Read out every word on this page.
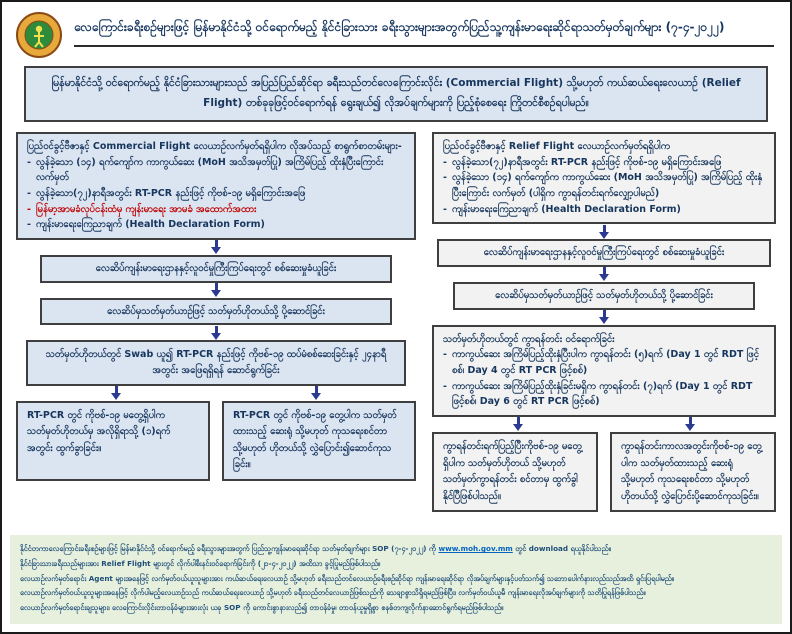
လေကြောင်းခရီးစဉ်များဖြင့် မြန်မာနိုင်ငံသို့ ဝင်ရောက်မည့် နိုင်ငံခြားသား ခရီးသွားများအတွက်ပြည်သူ့ကျန်းမာရေးဆိုင်ရာသတ်မှတ်ချက်များ (၇-၄-၂၀၂၂)
မြန်မာနိုင်ငံသို့ ဝင်ရောက်မည့် နိုင်ငံခြားသားများသည် အပြည်ပြည်ဆိုင်ရာ ခရီးသည်တင်လေကြောင်းလိုင်း (Commercial Flight) သို့မဟုတ် ကယ်ဆယ်ရေးလေယာဉ် (Relief Flight) တစ်ခုခုဖြင့်ဝင်ရောက်ရန် ရွေးချယ်၍ လိုအပ်ချက်များကို ပြည့်စုံစေရေး ကြိုတင်စီစဉ်ရပါမည်။
ပြည်ဝင်ခွင့်ဗီဇာနှင့် Commercial Flight လေယာဉ်လက်မှတ်ရရှိပါက လိုအပ်သည့် စာရွက်စာတမ်းများ-
- လွန်ခဲ့သော (၁၄) ရက်ကျော်က ကာကွယ်ဆေး (MoH အသိအမှတ်ပြု) အကြိမ်ပြည့် ထိုးနှံပြီးကြောင်းလက်မှတ်
- လွန်ခဲ့သော(၇၂)နာရီအတွင်း RT-PCR နည်းဖြင့် ကိုဗစ်-၁၉ မရှိကြောင်းအဖြေ
- မြန်မာ့အာမခံလုပ်ငန်းထံမှ ကျန်းမာရေး အာမခံ အထောက်အထား
- ကျန်းမာရေးကြေညာချက် (Health Declaration Form)
လေဆိပ်ကျန်းမာရေးဌာနနှင့်လူဝင်မှုကြီးကြပ်ရေးတွင် စစ်ဆေးမှုခံယူခြင်း
လေဆိပ်မှသတ်မှတ်ယာဉ်ဖြင့် သတ်မှတ်ဟိုတယ်သို့ ပို့ဆောင်ခြင်း
သတ်မှတ်ဟိုတယ်တွင် Swab ယူ၍ RT-PCR နည်းဖြင့် ကိုဗစ်-၁၉ ထပ်မံစစ်ဆေးခြင်းနှင့် ၂၄နာရီအတွင်း အဖြေရရှိရန် ဆောင်ရွက်ခြင်း
RT-PCR တွင် ကိုဗစ်-၁၉ မတွေ့ရှိပါက သတ်မှတ်ဟိုတယ်မှ အလိုရှိရာသို့ (၁)ရက် အတွင်း ထွက်ခွာခြင်း။
RT-PCR တွင် ကိုဗစ်-၁၉ တွေ့ပါက သတ်မှတ်ထားသည့် ဆေးရုံ သို့မဟုတ် ကုသရေးစင်တာ သို့မဟုတ် ဟိုတယ်သို့ လွှဲပြောင်း၍ဆောင်ကုသခြင်း။
ပြည်ဝင်ခွင့်ဗီဇာနှင့် Relief Flight လေယာဉ်လက်မှတ်ရရှိပါက
- လွန်ခဲ့သော(၇၂)နာရီအတွင်း RT-PCR နည်းဖြင့် ကိုဗစ်-၁၉ မရှိကြောင်းအဖြေ
- လွန်ခဲ့သော (၁၄) ရက်ကျော်က ကာကွယ်ဆေး (MoH အသိအမှတ်ပြု) အကြိမ်ပြည့် ထိုးနှံပြီးကြောင်း လက်မှတ် (ပါရှိက ကွာရန်တင်းရက်လျှော့ပါမည်)
- ကျန်းမာရေးကြေညာချက် (Health Declaration Form)
လေဆိပ်ကျန်းမာရေးဌာနနှင့်လူဝင်မှုကြီးကြပ်ရေးတွင် စစ်ဆေးမှုခံယူခြင်း
လေဆိပ်မှသတ်မှတ်ယာဉ်ဖြင့် သတ်မှတ်ဟိုတယ်သို့ ပို့ဆောင်ခြင်း
သတ်မှတ်ဟိုတယ်တွင် ကွာရန်တင်း ဝင်ရောက်ခြင်း
- ကာကွယ်ဆေး အကြိမ်ပြည့်ထိုးနှံပြီးပါက ကွာရန်တင်း (၅)ရက် (Day 1 တွင် RDT ဖြင့်စစ်၊ Day 4 တွင် RT PCR ဖြင့်စစ်)
- ကာကွယ်ဆေး အကြိမ်ပြည့်ထိုးနှံခြင်းမရှိက ကွာရန်တင်း (၇)ရက် (Day 1 တွင် RDT ဖြင့်စစ်၊ Day 6 တွင် RT PCR ဖြင့်စစ်)
ကွာရန်တင်းရက်ပြည့်ပြီးကိုဗစ်-၁၉ မတွေ့ရှိပါက သတ်မှတ်ဟိုတယ် သို့မဟုတ် သတ်မှတ်ကွာရန်တင်း စင်တာမှ ထွက်ခွါနိုင်ပြီဖြစ်ပါသည်။
ကွာရန်တင်းကာလအတွင်းကိုဗစ်-၁၉ တွေ့ပါက သတ်မှတ်ထားသည့် ဆေးရုံ သို့မဟုတ် ကုသရေးစင်တာ သို့မဟုတ် ဟိုတယ်သို့ လွှဲပြောင်းပို့ဆောင်ကုသခြင်း။
နိုင်ငံတကာလေကြောင်းခရီးစဉ်များဖြင့် မြန်မာနိုင်ငံသို့ ဝင်ရောက်မည့် ခရီးသွားများအတွက် ပြည်သူ့ကျန်းမာရေးဆိုင်ရာ သတ်မှတ်ချက်များ SOP (၇-၄-၂၀၂၂) ကို www.moh.gov.mm တွင် download ရယူနိုင်ပါသည်။
နိုင်ငံခြားသားခရီးသည်များအား Relief Flight များတွင် လိုက်ပါစီးနင်းဝင်ရောက်ခြင်းကို (၂၁-၄-၂၀၂၂) အထိသာ ခွင့်ပြုမည်ဖြစ်ပါသည်။
လေယာဉ်လက်မှတ်ရောင်း Agent များအနေဖြင့် လက်မှတ်ဝယ်ယူသူများအား ကယ်ဆယ်ရေးလေယာဉ် သို့မဟုတ် ခရီးသည်တင်လေယာဉ်ခရီးစဉ်ဆိုင်ရာ ကျန်းမာရေးဆိုင်ရာ လိုအပ်ချက်များနှင့်ပတ်သက်၍ သဘောပေါက်နားလည်သည်အထိ ရှင်းပြရပါမည်။
လေယာဉ်လက်မှတ်ဝယ်ယူသူများအနေဖြင့် လိုက်ပါမည့်လေယာဉ်သည် ကယ်ဆယ်ရေးလေယာဉ် သို့မဟုတ် ခရီးသည်တင်လေယာဉ်ဖြစ်သည်ကို သေချာစွာသိရှိရမည်ဖြစ်ပြီး၊ လက်မှတ်ဝယ်ယူမီ ကျန်းမာရေးလိုအပ်ချက်များကို သတိပြုရန်ဖြစ်ပါသည်။
လေယာဉ်လက်မှတ်ရောင်းချသူများ၊ လေကြောင်းလိုင်းတာဝန်ခံများအားလုံး ယခု SOP ကို ကောင်းစွာနားလည်၍ တာဝန်ခံမှု၊ တာဝန်ယူမှုရှိစွာ စနစ်တကျလိုက်နာဆောင်ရွက်ရမည်ဖြစ်ပါသည်။
